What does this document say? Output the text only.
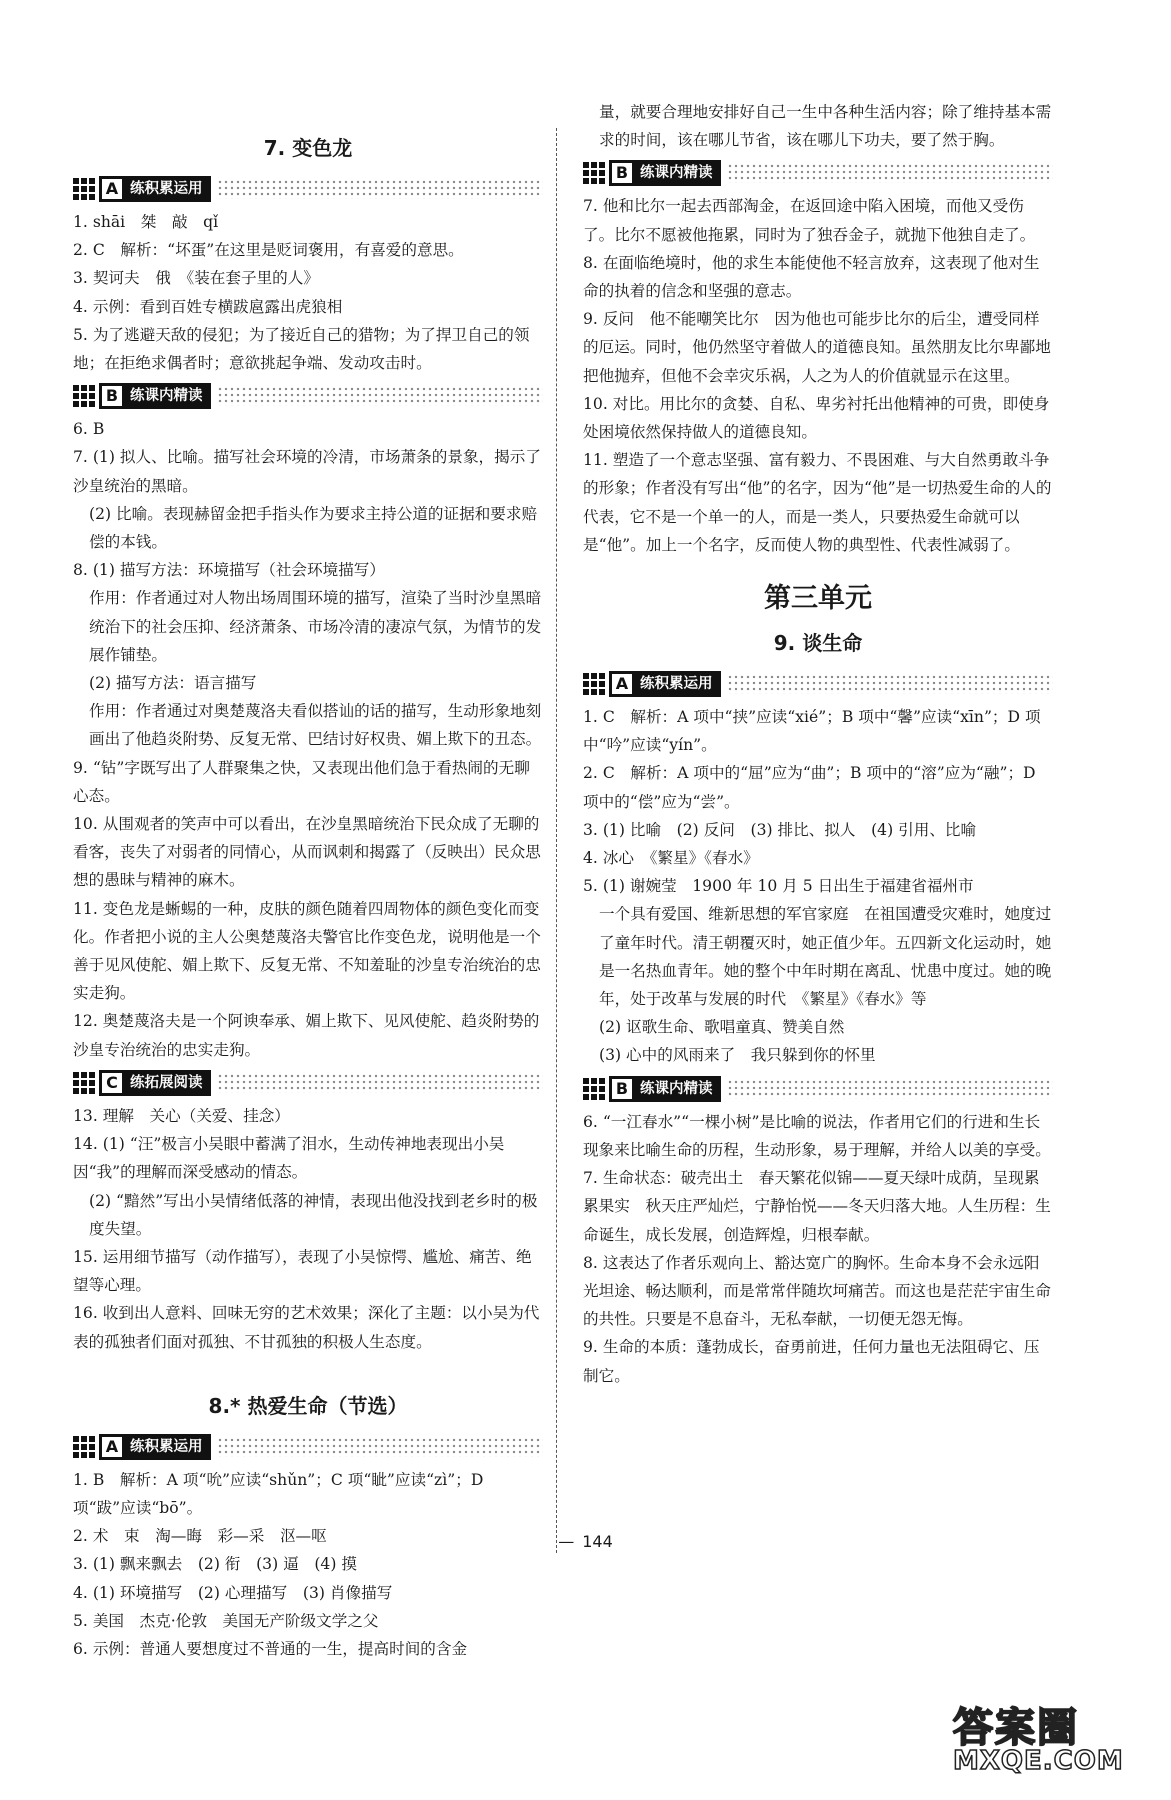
7. 变色龙
A 练积累运用

1. shāi　桀　敲　qǐ

2. C　解析：“坏蛋”在这里是贬词褒用，有喜爱的意思。

3. 契诃夫　俄　《装在套子里的人》

4. 示例：看到百姓专横跋扈露出虎狼相

5. 为了逃避天敌的侵犯；为了接近自己的猎物；为了捍卫自己的领地；在拒绝求偶者时；意欲挑起争端、发动攻击时。

B 练课内精读

6. B

7. (1) 拟人、比喻。描写社会环境的冷清，市场萧条的景象，揭示了沙皇统治的黑暗。

(2) 比喻。表现赫留金把手指头作为要求主持公道的证据和要求赔偿的本钱。

8. (1) 描写方法：环境描写（社会环境描写）

作用：作者通过对人物出场周围环境的描写，渲染了当时沙皇黑暗统治下的社会压抑、经济萧条、市场冷清的凄凉气氛，为情节的发展作铺垫。

(2) 描写方法：语言描写

作用：作者通过对奥楚蔑洛夫看似搭讪的话的描写，生动形象地刻画出了他趋炎附势、反复无常、巴结讨好权贵、媚上欺下的丑态。

9. “钻”字既写出了人群聚集之快，又表现出他们急于看热闹的无聊心态。

10. 从围观者的笑声中可以看出，在沙皇黑暗统治下民众成了无聊的看客，丧失了对弱者的同情心，从而讽刺和揭露了（反映出）民众思想的愚昧与精神的麻木。

11. 变色龙是蜥蜴的一种，皮肤的颜色随着四周物体的颜色变化而变化。作者把小说的主人公奥楚蔑洛夫警官比作变色龙，说明他是一个善于见风使舵、媚上欺下、反复无常、不知羞耻的沙皇专治统治的忠实走狗。

12. 奥楚蔑洛夫是一个阿谀奉承、媚上欺下、见风使舵、趋炎附势的沙皇专治统治的忠实走狗。

C 练拓展阅读

13. 理解　关心（关爱、挂念）

14. (1) “汪”极言小吴眼中蓄满了泪水，生动传神地表现出小吴因“我”的理解而深受感动的情态。

(2) “黯然”写出小吴情绪低落的神情，表现出他没找到老乡时的极度失望。

15. 运用细节描写（动作描写），表现了小吴惊愕、尴尬、痛苦、绝望等心理。

16. 收到出人意料、回味无穷的艺术效果；深化了主题：以小吴为代表的孤独者们面对孤独、不甘孤独的积极人生态度。

8.* 热爱生命（节选）
A 练积累运用

1. B　解析：A 项“吮”应读“shǔn”；C 项“眦”应读“zì”；D 项“跋”应读“bō”。

2. 术　束　淘—晦　彩—采　沤—呕

3. (1) 飘来飘去　(2) 衔　(3) 逼　(4) 摸

4. (1) 环境描写　(2) 心理描写　(3) 肖像描写

5. 美国　杰克·伦敦　美国无产阶级文学之父

6. 示例：普通人要想度过不普通的一生，提高时间的含金

量，就要合理地安排好自己一生中各种生活内容；除了维持基本需求的时间，该在哪儿节省，该在哪儿下功夫，要了然于胸。

B 练课内精读

7. 他和比尔一起去西部淘金，在返回途中陷入困境，而他又受伤了。比尔不愿被他拖累，同时为了独吞金子，就抛下他独自走了。

8. 在面临绝境时，他的求生本能使他不轻言放弃，这表现了他对生命的执着的信念和坚强的意志。

9. 反问　他不能嘲笑比尔　因为他也可能步比尔的后尘，遭受同样的厄运。同时，他仍然坚守着做人的道德良知。虽然朋友比尔卑鄙地把他抛弃，但他不会幸灾乐祸，人之为人的价值就显示在这里。

10. 对比。用比尔的贪婪、自私、卑劣衬托出他精神的可贵，即使身处困境依然保持做人的道德良知。

11. 塑造了一个意志坚强、富有毅力、不畏困难、与大自然勇敢斗争的形象；作者没有写出“他”的名字，因为“他”是一切热爱生命的人的代表，它不是一个单一的人，而是一类人，只要热爱生命就可以是“他”。加上一个名字，反而使人物的典型性、代表性减弱了。

第三单元
9. 谈生命
A 练积累运用

1. C　解析：A 项中“挟”应读“xié”；B 项中“馨”应读“xīn”；D 项中“吟”应读“yín”。

2. C　解析：A 项中的“屈”应为“曲”；B 项中的“溶”应为“融”；D 项中的“偿”应为“尝”。

3. (1) 比喻　(2) 反问　(3) 排比、拟人　(4) 引用、比喻

4. 冰心　《繁星》《春水》

5. (1) 谢婉莹　1900 年 10 月 5 日出生于福建省福州市

一个具有爱国、维新思想的军官家庭　在祖国遭受灾难时，她度过了童年时代。清王朝覆灭时，她正值少年。五四新文化运动时，她是一名热血青年。她的整个中年时期在离乱、忧患中度过。她的晚年，处于改革与发展的时代　《繁星》《春水》等

(2) 讴歌生命、歌唱童真、赞美自然

(3) 心中的风雨来了　我只躲到你的怀里

B 练课内精读

6. “一江春水”“一棵小树”是比喻的说法，作者用它们的行进和生长现象来比喻生命的历程，生动形象，易于理解，并给人以美的享受。

7. 生命状态：破壳出土　春天繁花似锦——夏天绿叶成荫，呈现累累果实　秋天庄严灿烂，宁静怡悦——冬天归落大地。人生历程：生命诞生，成长发展，创造辉煌，归根奉献。

8. 这表达了作者乐观向上、豁达宽广的胸怀。生命本身不会永远阳光坦途、畅达顺利，而是常常伴随坎坷痛苦。而这也是茫茫宇宙生命的共性。只要是不息奋斗，无私奉献，一切便无怨无悔。

9. 生命的本质：蓬勃成长，奋勇前进，任何力量也无法阻碍它、压制它。

— 144
答案圈
MXQE.COM
